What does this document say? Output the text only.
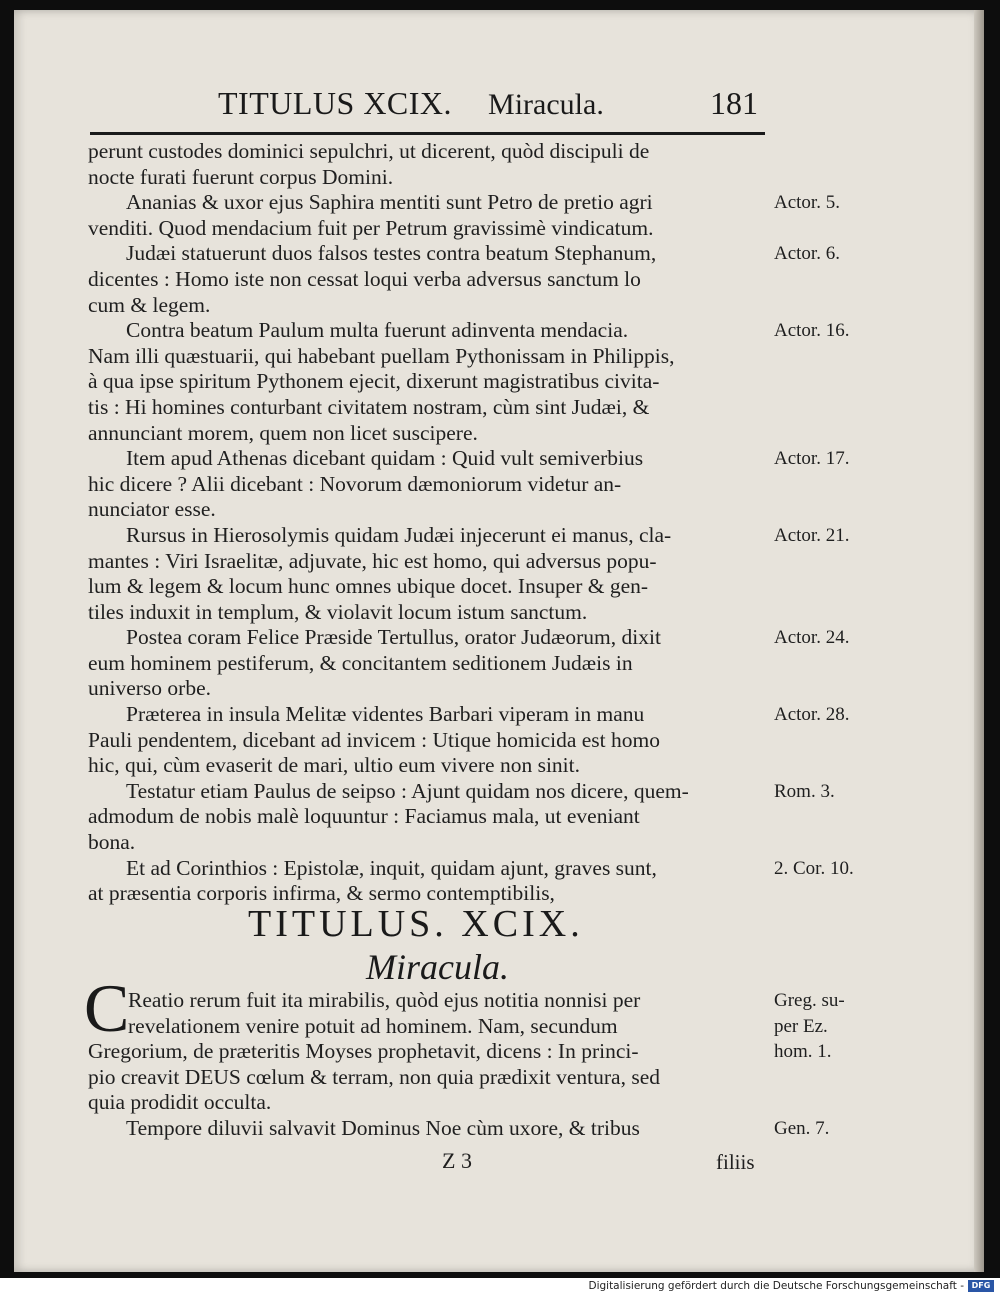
TITULUS XCIX. Miracula.	181
perunt custodes dominici sepulchri, ut dicerent, quòd discipuli de
nocte furati fuerunt corpus Domini.
Ananias & uxor ejus Saphira mentiti sunt Petro de pretio agri	Actor. 5.
venditi. Quod mendacium fuit per Petrum gravissimè vindicatum.
Judæi statuerunt duos falsos testes contra beatum Stephanum,	Actor. 6.
dicentes : Homo iste non cessat loqui verba adversus sanctum lo
cum & legem.
Contra beatum Paulum multa fuerunt adinventa mendacia.	Actor. 16.
Nam illi quæstuarii, qui habebant puellam Pythonissam in Philippis,
à qua ipse spiritum Pythonem ejecit, dixerunt magistratibus civita-
tis : Hi homines conturbant civitatem nostram, cùm sint Judæi, &
annunciant morem, quem non licet suscipere.
Item apud Athenas dicebant quidam : Quid vult semiverbius	Actor. 17.
hic dicere ? Alii dicebant : Novorum dæmoniorum videtur an-
nunciator esse.
Rursus in Hierosolymis quidam Judæi injecerunt ei manus, cla-	Actor. 21.
mantes : Viri Israelitæ, adjuvate, hic est homo, qui adversus popu-
lum & legem & locum hunc omnes ubique docet. Insuper & gen-
tiles induxit in templum, & violavit locum istum sanctum.
Postea coram Felice Præside Tertullus, orator Judæorum, dixit	Actor. 24.
eum hominem pestiferum, & concitantem seditionem Judæis in
universo orbe.
Præterea in insula Melitæ videntes Barbari viperam in manu	Actor. 28.
Pauli pendentem, dicebant ad invicem : Utique homicida est homo
hic, qui, cùm evaserit de mari, ultio eum vivere non sinit.
Testatur etiam Paulus de seipso : Ajunt quidam nos dicere, quem-	Rom. 3.
admodum de nobis malè loquuntur : Faciamus mala, ut eveniant
bona.
Et ad Corinthios : Epistolæ, inquit, quidam ajunt, graves sunt,	2. Cor. 10.
at præsentia corporis infirma, & sermo contemptibilis,
TITULUS. XCIX.
Miracula.
C
Reatio rerum fuit ita mirabilis, quòd ejus notitia nonnisi per	Greg. su-
revelationem venire potuit ad hominem. Nam, secundum	per Ez.
Gregorium, de præteritis Moyses prophetavit, dicens : In princi-	hom. 1.
pio creavit DEUS cœlum & terram, non quia prædixit ventura, sed
quia prodidit occulta.
Tempore diluvii salvavit Dominus Noe cùm uxore, & tribus	Gen. 7.
Z 3	filiis
Digitalisierung gefördert durch die Deutsche Forschungsgemeinschaft - DFG
